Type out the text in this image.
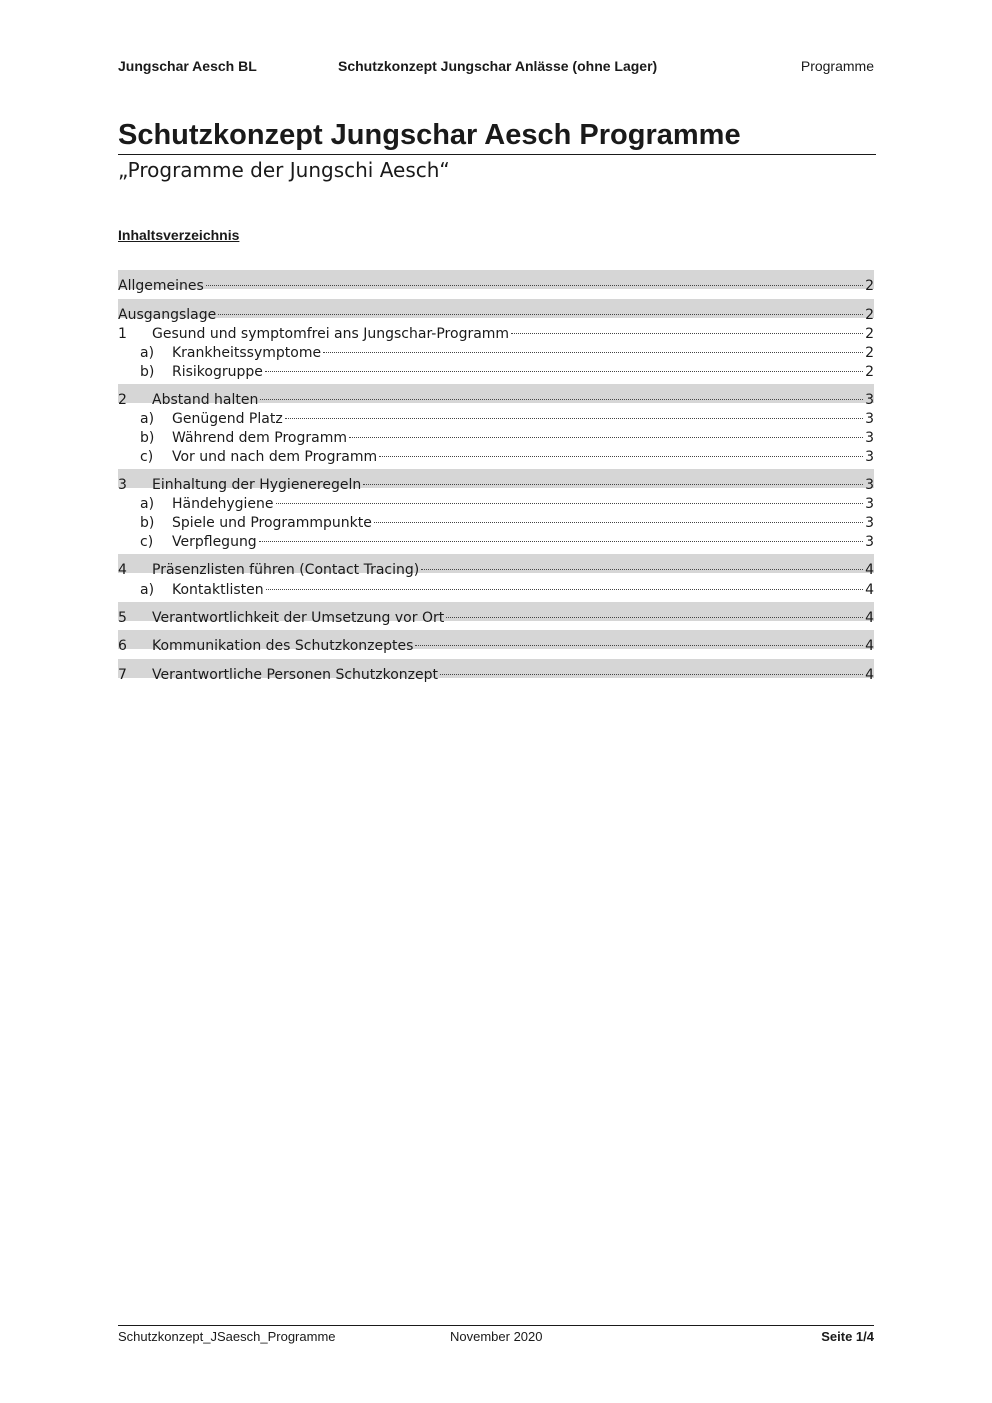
Jungschar Aesch BL	Schutzkonzept Jungschar Anlässe (ohne Lager)	Programme
Schutzkonzept Jungschar Aesch Programme
„Programme der Jungschi Aesch“
Inhaltsverzeichnis
Allgemeines	2
Ausgangslage	2
1	Gesund und symptomfrei ans Jungschar-Programm	2
a)	Krankheitssymptome	2
b)	Risikogruppe	2
2	Abstand halten	3
a)	Genügend Platz	3
b)	Während dem Programm	3
c)	Vor und nach dem Programm	3
3	Einhaltung der Hygieneregeln	3
a)	Händehygiene	3
b)	Spiele und Programmpunkte	3
c)	Verpflegung	3
4	Präsenzlisten führen (Contact Tracing)	4
a)	Kontaktlisten	4
5	Verantwortlichkeit der Umsetzung vor Ort	4
6	Kommunikation des Schutzkonzeptes	4
7	Verantwortliche Personen Schutzkonzept	4
Schutzkonzept_JSaesch_Programme	November 2020	Seite 1/4
